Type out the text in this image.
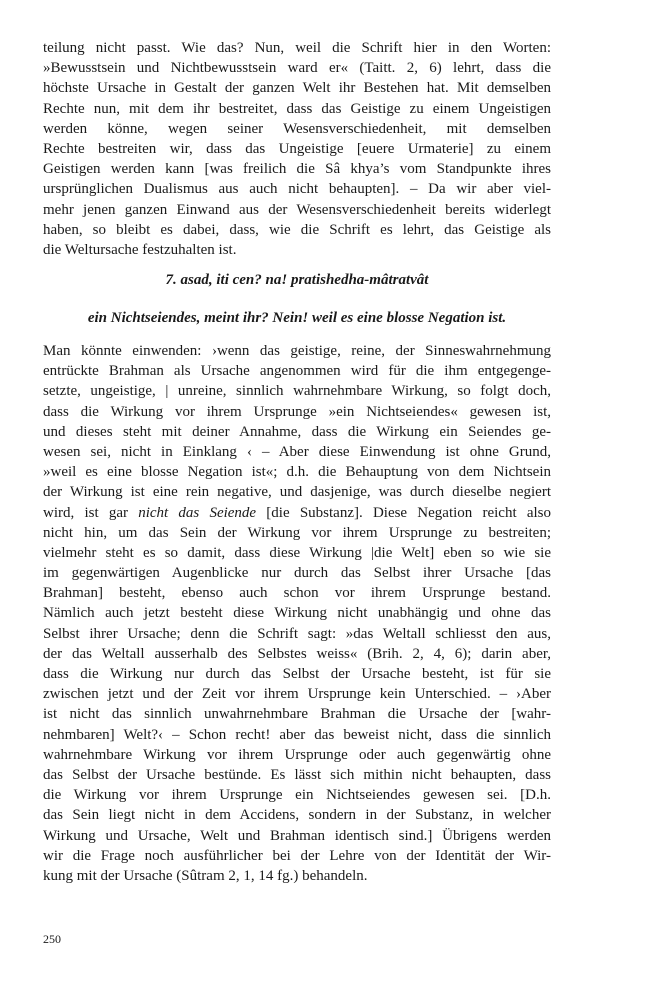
teilung nicht passt. Wie das? Nun, weil die Schrift hier in den Worten:
»Bewusstsein und Nichtbewusstsein ward er« (Taitt. 2, 6) lehrt, dass die
höchste Ursache in Gestalt der ganzen Welt ihr Bestehen hat. Mit demselben
Rechte nun, mit dem ihr bestreitet, dass das Geistige zu einem Ungeistigen
werden könne, wegen seiner Wesensverschiedenheit, mit demselben
Rechte bestreiten wir, dass das Ungeistige [euere Urmaterie] zu einem
Geistigen werden kann [was freilich die Sâ khya’s vom Standpunkte ihres
ursprünglichen Dualismus aus auch nicht behaupten]. – Da wir aber viel-
mehr jenen ganzen Einwand aus der Wesensverschiedenheit bereits widerlegt
haben, so bleibt es dabei, dass, wie die Schrift es lehrt, das Geistige als
die Weltursache festzuhalten ist.
7. asad, iti cen? na! pratishedha-mâtratvât
ein Nichtseiendes, meint ihr? Nein! weil es eine blosse Negation ist.
Man könnte einwenden: ›wenn das geistige, reine, der Sinneswahrnehmung
entrückte Brahman als Ursache angenommen wird für die ihm entgegenge-
setzte, ungeistige, | unreine, sinnlich wahrnehmbare Wirkung, so folgt doch,
dass die Wirkung vor ihrem Ursprunge »ein Nichtseiendes« gewesen ist,
und dieses steht mit deiner Annahme, dass die Wirkung ein Seiendes ge-
wesen sei, nicht in Einklang ‹ – Aber diese Einwendung ist ohne Grund,
»weil es eine blosse Negation ist«; d.h. die Behauptung von dem Nichtsein
der Wirkung ist eine rein negative, und dasjenige, was durch dieselbe negiert
wird, ist gar nicht das Seiende [die Substanz]. Diese Negation reicht also
nicht hin, um das Sein der Wirkung vor ihrem Ursprunge zu bestreiten;
vielmehr steht es so damit, dass diese Wirkung |die Welt] eben so wie sie
im gegenwärtigen Augenblicke nur durch das Selbst ihrer Ursache [das
Brahman] besteht, ebenso auch schon vor ihrem Ursprunge bestand.
Nämlich auch jetzt besteht diese Wirkung nicht unabhängig und ohne das
Selbst ihrer Ursache; denn die Schrift sagt: »das Weltall schliesst den aus,
der das Weltall ausserhalb des Selbstes weiss« (Brih. 2, 4, 6); darin aber,
dass die Wirkung nur durch das Selbst der Ursache besteht, ist für sie
zwischen jetzt und der Zeit vor ihrem Ursprunge kein Unterschied. – ›Aber
ist nicht das sinnlich unwahrnehmbare Brahman die Ursache der [wahr-
nehmbaren] Welt?‹ – Schon recht! aber das beweist nicht, dass die sinnlich
wahrnehmbare Wirkung vor ihrem Ursprunge oder auch gegenwärtig ohne
das Selbst der Ursache bestünde. Es lässt sich mithin nicht behaupten, dass
die Wirkung vor ihrem Ursprunge ein Nichtseiendes gewesen sei. [D.h.
das Sein liegt nicht in dem Accidens, sondern in der Substanz, in welcher
Wirkung und Ursache, Welt und Brahman identisch sind.] Übrigens werden
wir die Frage noch ausführlicher bei der Lehre von der Identität der Wir-
kung mit der Ursache (Sûtram 2, 1, 14 fg.) behandeln.
250
